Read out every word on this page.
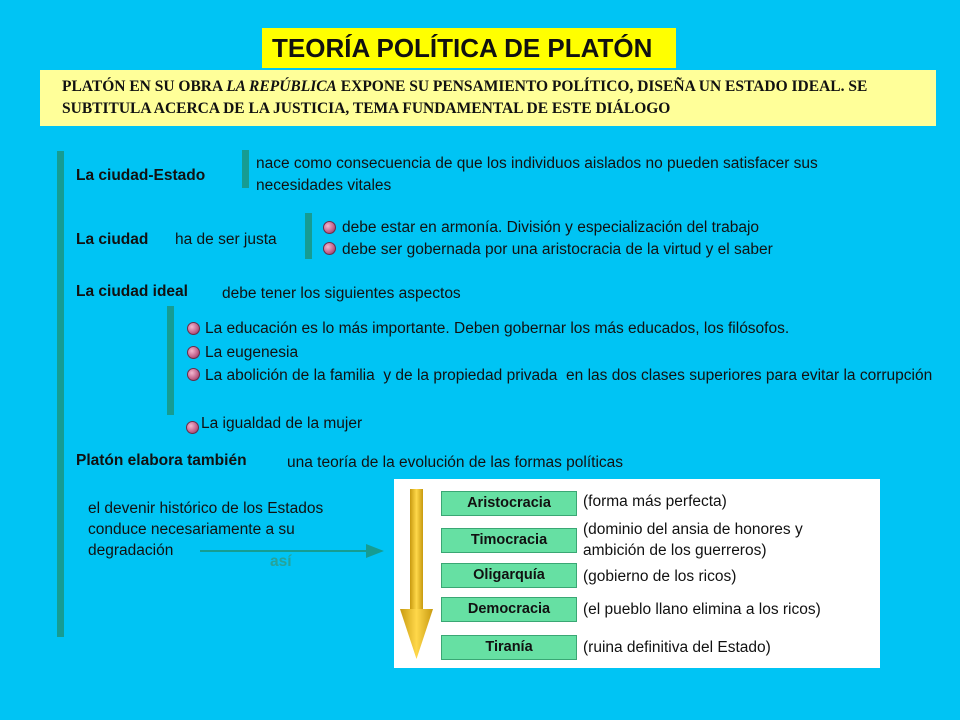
TEORÍA POLÍTICA DE PLATÓN
PLATÓN EN SU OBRA LA REPÚBLICA EXPONE SU PENSAMIENTO POLÍTICO, DISEÑA UN ESTADO IDEAL. SE SUBTITULA ACERCA DE LA JUSTICIA, TEMA FUNDAMENTAL DE ESTE DIÁLOGO
La ciudad-Estado
nace como consecuencia de que los individuos aislados no pueden satisfacer sus necesidades vitales
La ciudad ha de ser justa
debe estar en armonía. División y especialización del trabajo
debe ser gobernada por una aristocracia de la virtud y el saber
La ciudad ideal debe tener los siguientes aspectos
La educación es lo más importante. Deben gobernar los más educados, los filósofos.
La eugenesia
La abolición de la familia  y de la propiedad privada  en las dos clases superiores para evitar la corrupción
La igualdad de la mujer
Platón elabora también	una teoría de la evolución de las formas políticas
el devenir histórico de los Estados conduce necesariamente a su degradación
así
Aristocracia
Timocracia
Oligarquía
Democracia
Tiranía
(forma más perfecta)
(dominio del ansia de honores y ambición de los guerreros)
(gobierno de los ricos)
(el pueblo llano elimina a los ricos)
(ruina definitiva del Estado)
